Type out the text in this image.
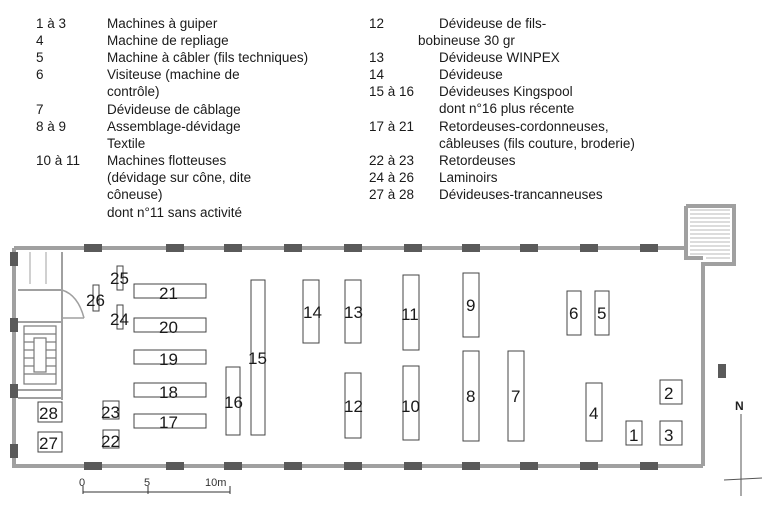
1 à 3	Machines à guiper
4	Machine de repliage
5	Machine à câbler (fils techniques)
6	Visiteuse (machine de
contrôle)
7	Dévideuse de câblage
8 à 9	Assemblage-dévidage
Textile
10 à 11 Machines flotteuses
(dévidage sur cône, dite
côneuse)
dont n°11 sans activité
12	Dévideuse de fils-
bobineuse 30 gr
13	Dévideuse WINPEX
14	Dévideuse
15 à 16 Dévideuses Kingspool
dont n°16 plus récente
17 à 21 Retordeuses-cordonneuses,
câbleuses (fils couture, broderie)
22 à 23 Retordeuses
24 à 26 Laminoirs
27 à 28 Dévideuses-trancanneuses
1
2
3
4
5
6
7
8
9
10
11
12
13
14
15
16
17
18
19
20
21
22
23
24
25
26
27
28
0	5	10m
N
